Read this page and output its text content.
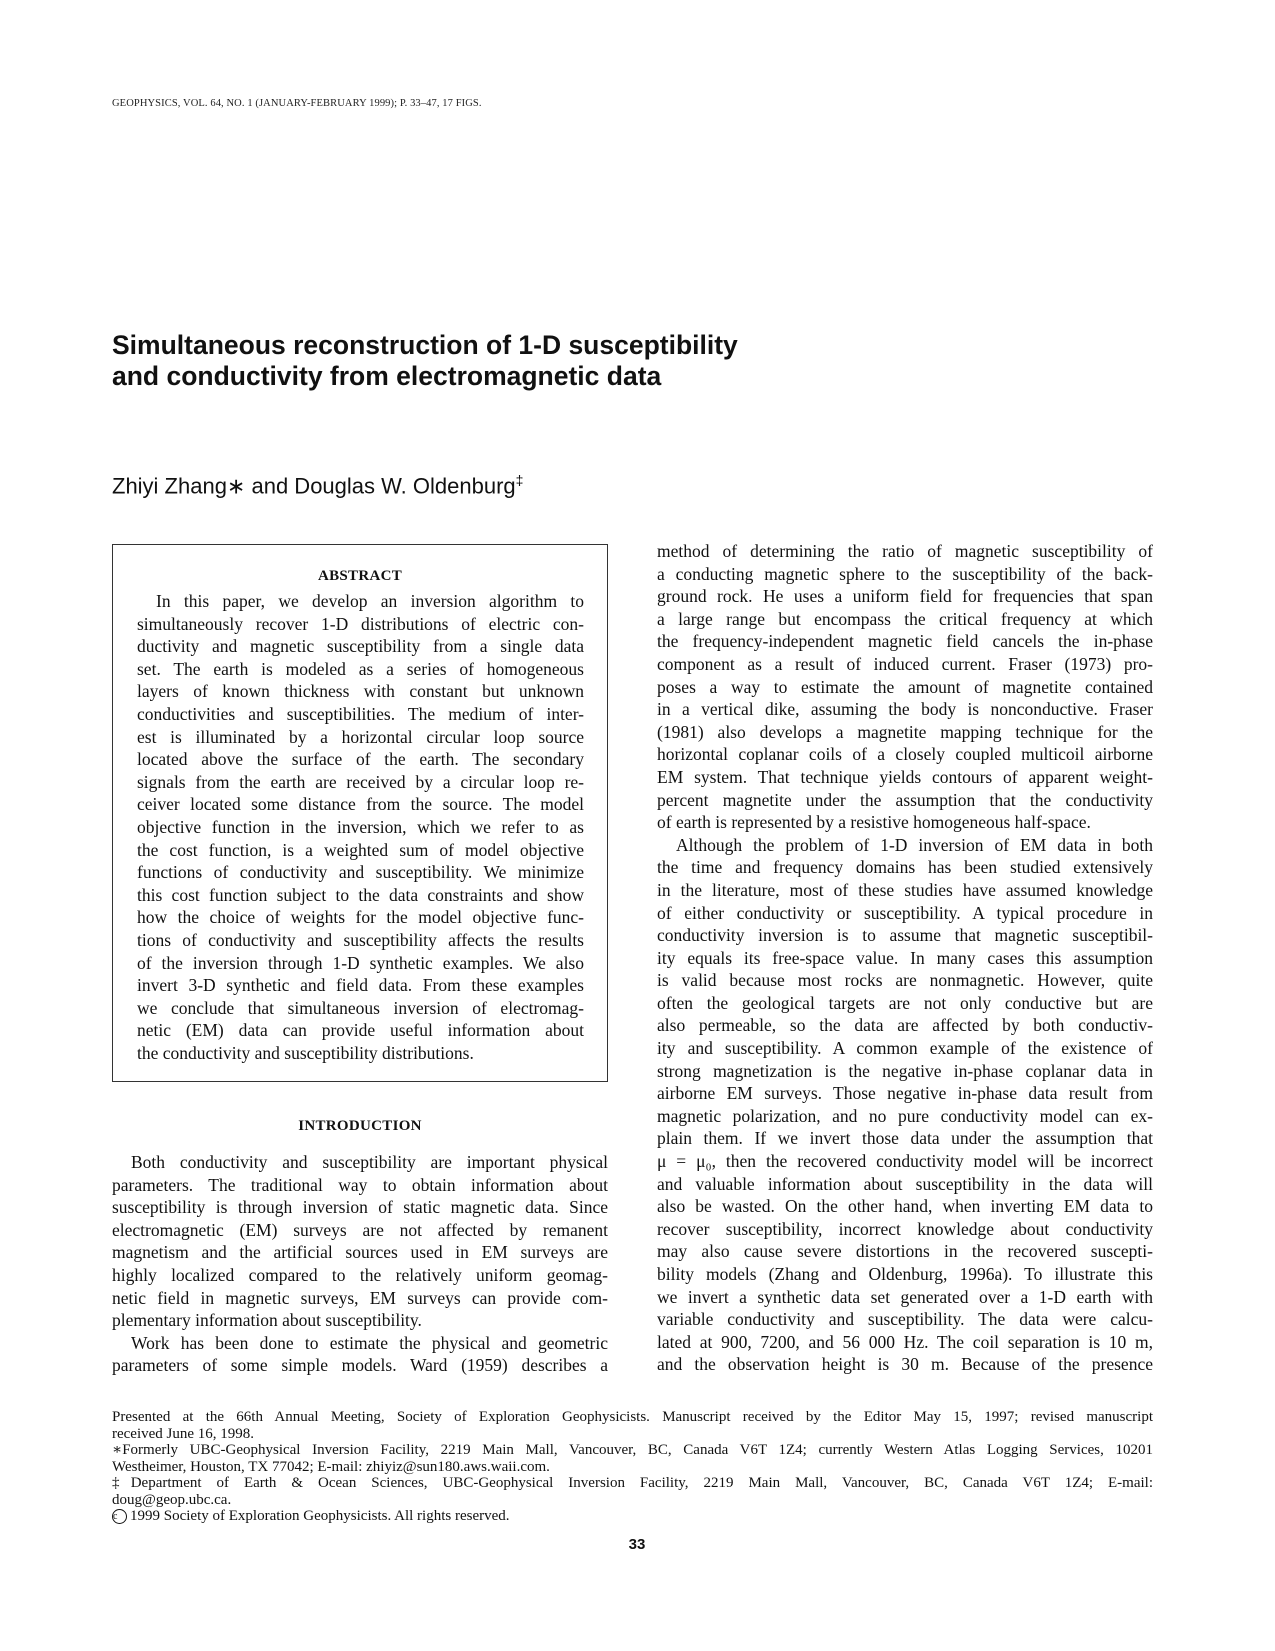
GEOPHYSICS, VOL. 64, NO. 1 (JANUARY-FEBRUARY 1999); P. 33–47, 17 FIGS.
Simultaneous reconstruction of 1-D susceptibility
and conductivity from electromagnetic data
Zhiyi Zhang∗ and Douglas W. Oldenburg‡
ABSTRACT
In this paper, we develop an inversion algorithm to
simultaneously recover 1-D distributions of electric con-
ductivity and magnetic susceptibility from a single data
set. The earth is modeled as a series of homogeneous
layers of known thickness with constant but unknown
conductivities and susceptibilities. The medium of inter-
est is illuminated by a horizontal circular loop source
located above the surface of the earth. The secondary
signals from the earth are received by a circular loop re-
ceiver located some distance from the source. The model
objective function in the inversion, which we refer to as
the cost function, is a weighted sum of model objective
functions of conductivity and susceptibility. We minimize
this cost function subject to the data constraints and show
how the choice of weights for the model objective func-
tions of conductivity and susceptibility affects the results
of the inversion through 1-D synthetic examples. We also
invert 3-D synthetic and field data. From these examples
we conclude that simultaneous inversion of electromag-
netic (EM) data can provide useful information about
the conductivity and susceptibility distributions.
INTRODUCTION
Both conductivity and susceptibility are important physical
parameters. The traditional way to obtain information about
susceptibility is through inversion of static magnetic data. Since
electromagnetic (EM) surveys are not affected by remanent
magnetism and the artificial sources used in EM surveys are
highly localized compared to the relatively uniform geomag-
netic field in magnetic surveys, EM surveys can provide com-
plementary information about susceptibility.
Work has been done to estimate the physical and geometric
parameters of some simple models. Ward (1959) describes a
method of determining the ratio of magnetic susceptibility of
a conducting magnetic sphere to the susceptibility of the back-
ground rock. He uses a uniform field for frequencies that span
a large range but encompass the critical frequency at which
the frequency-independent magnetic field cancels the in-phase
component as a result of induced current. Fraser (1973) pro-
poses a way to estimate the amount of magnetite contained
in a vertical dike, assuming the body is nonconductive. Fraser
(1981) also develops a magnetite mapping technique for the
horizontal coplanar coils of a closely coupled multicoil airborne
EM system. That technique yields contours of apparent weight-
percent magnetite under the assumption that the conductivity
of earth is represented by a resistive homogeneous half-space.
Although the problem of 1-D inversion of EM data in both
the time and frequency domains has been studied extensively
in the literature, most of these studies have assumed knowledge
of either conductivity or susceptibility. A typical procedure in
conductivity inversion is to assume that magnetic susceptibil-
ity equals its free-space value. In many cases this assumption
is valid because most rocks are nonmagnetic. However, quite
often the geological targets are not only conductive but are
also permeable, so the data are affected by both conductiv-
ity and susceptibility. A common example of the existence of
strong magnetization is the negative in-phase coplanar data in
airborne EM surveys. Those negative in-phase data result from
magnetic polarization, and no pure conductivity model can ex-
plain them. If we invert those data under the assumption that
μ = μ₀, then the recovered conductivity model will be incorrect
and valuable information about susceptibility in the data will
also be wasted. On the other hand, when inverting EM data to
recover susceptibility, incorrect knowledge about conductivity
may also cause severe distortions in the recovered suscepti-
bility models (Zhang and Oldenburg, 1996a). To illustrate this
we invert a synthetic data set generated over a 1-D earth with
variable conductivity and susceptibility. The data were calcu-
lated at 900, 7200, and 56 000 Hz. The coil separation is 10 m,
and the observation height is 30 m. Because of the presence
Presented at the 66th Annual Meeting, Society of Exploration Geophysicists. Manuscript received by the Editor May 15, 1997; revised manuscript
received June 16, 1998.
∗Formerly UBC-Geophysical Inversion Facility, 2219 Main Mall, Vancouver, BC, Canada V6T 1Z4; currently Western Atlas Logging Services, 10201
Westheimer, Houston, TX 77042; E-mail: zhiyiz@sun180.aws.waii.com.
‡Department of Earth & Ocean Sciences, UBC-Geophysical Inversion Facility, 2219 Main Mall, Vancouver, BC, Canada V6T 1Z4; E-mail:
doug@geop.ubc.ca.
c 1999 Society of Exploration Geophysicists. All rights reserved.
33
